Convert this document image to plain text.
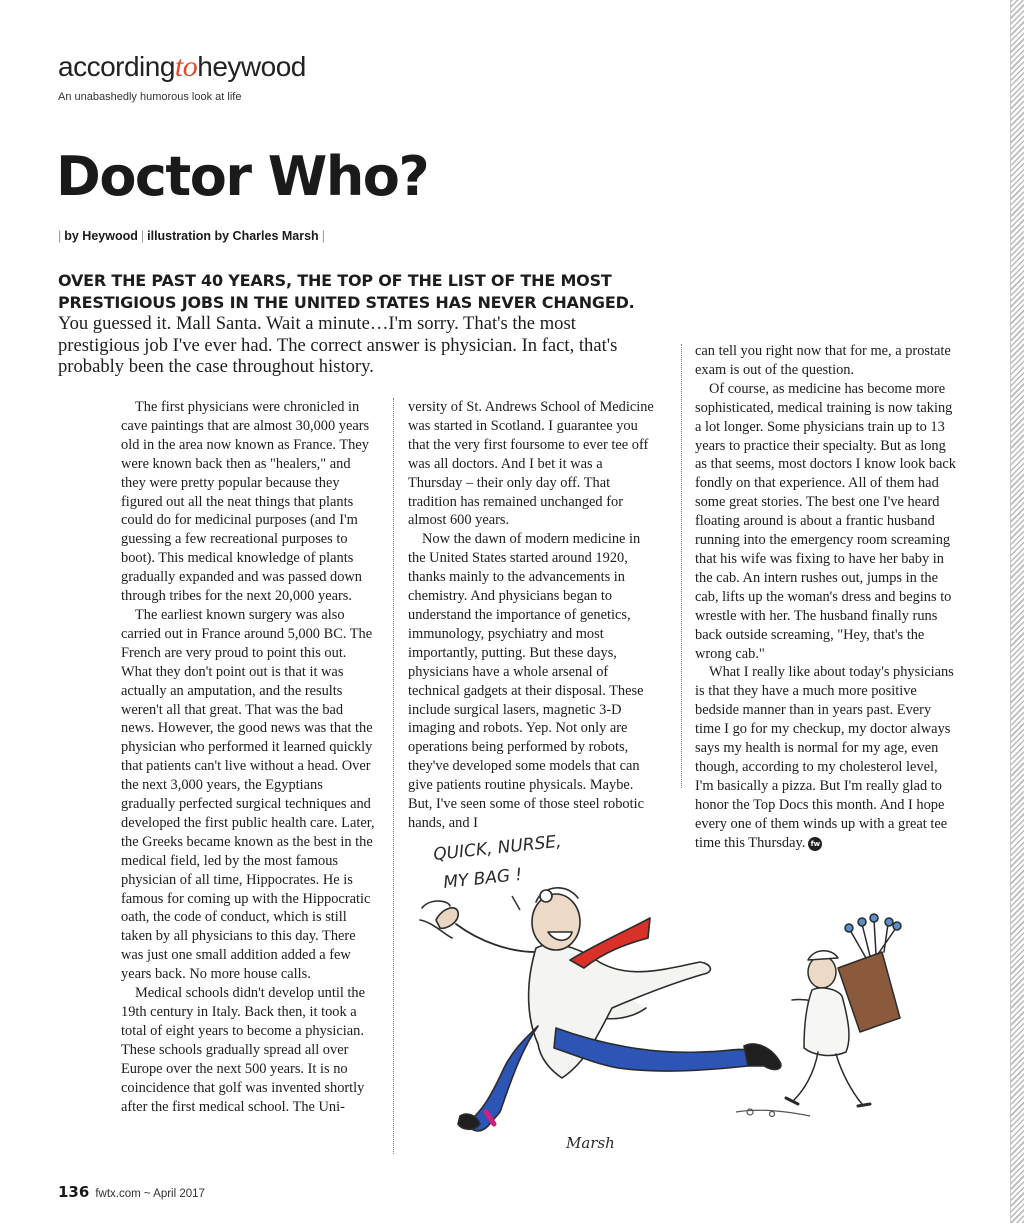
accordingtoheywood
An unabashedly humorous look at life
Doctor Who?
| by Heywood | illustration by Charles Marsh |
OVER THE PAST 40 YEARS, THE TOP OF THE LIST OF THE MOST PRESTIGIOUS JOBS IN THE UNITED STATES HAS NEVER CHANGED. You guessed it. Mall Santa. Wait a minute…I'm sorry. That's the most prestigious job I've ever had. The correct answer is physician. In fact, that's probably been the case throughout history.

The first physicians were chronicled in cave paintings that are almost 30,000 years old in the area now known as France. They were known back then as "healers," and they were pretty popular because they figured out all the neat things that plants could do for medicinal purposes (and I'm guessing a few recreational purposes to boot). This medical knowledge of plants gradually expanded and was passed down through tribes for the next 20,000 years.

The earliest known surgery was also carried out in France around 5,000 BC. The French are very proud to point this out. What they don't point out is that it was actually an amputation, and the results weren't all that great. That was the bad news. However, the good news was that the physician who performed it learned quickly that patients can't live without a head. Over the next 3,000 years, the Egyptians gradually perfected surgical techniques and developed the first public health care. Later, the Greeks became known as the best in the medical field, led by the most famous physician of all time, Hippocrates. He is famous for coming up with the Hippocratic oath, the code of conduct, which is still taken by all physicians to this day. There was just one small addition added a few years back. No more house calls.

Medical schools didn't develop until the 19th century in Italy. Back then, it took a total of eight years to become a physician. These schools gradually spread all over Europe over the next 500 years. It is no coincidence that golf was invented shortly after the first medical school. The Uni-

versity of St. Andrews School of Medicine was started in Scotland. I guarantee you that the very first foursome to ever tee off was all doctors. And I bet it was a Thursday – their only day off. That tradition has remained unchanged for almost 600 years.

Now the dawn of modern medicine in the United States started around 1920, thanks mainly to the advancements in chemistry. And physicians began to understand the importance of genetics, immunology, psychiatry and most importantly, putting. But these days, physicians have a whole arsenal of technical gadgets at their disposal. These include surgical lasers, magnetic 3-D imaging and robots. Yep. Not only are operations being performed by robots, they've developed some models that can give patients routine physicals. Maybe. But, I've seen some of those steel robotic hands, and I

can tell you right now that for me, a prostate exam is out of the question.

Of course, as medicine has become more sophisticated, medical training is now taking a lot longer. Some physicians train up to 13 years to practice their specialty. But as long as that seems, most doctors I know look back fondly on that experience. All of them had some great stories. The best one I've heard floating around is about a frantic husband running into the emergency room screaming that his wife was fixing to have her baby in the cab. An intern rushes out, jumps in the cab, lifts up the woman's dress and begins to wrestle with her. The husband finally runs back outside screaming, "Hey, that's the wrong cab."

What I really like about today's physicians is that they have a much more positive bedside manner than in years past. Every time I go for my checkup, my doctor always says my health is normal for my age, even though, according to my cholesterol level, I'm basically a pizza. But I'm really glad to honor the Top Docs this month. And I hope every one of them winds up with a great tee time this Thursday. fw

QUICK, NURSE,
MY BAG !
Marsh
136 fwtx.com ~ April 2017
